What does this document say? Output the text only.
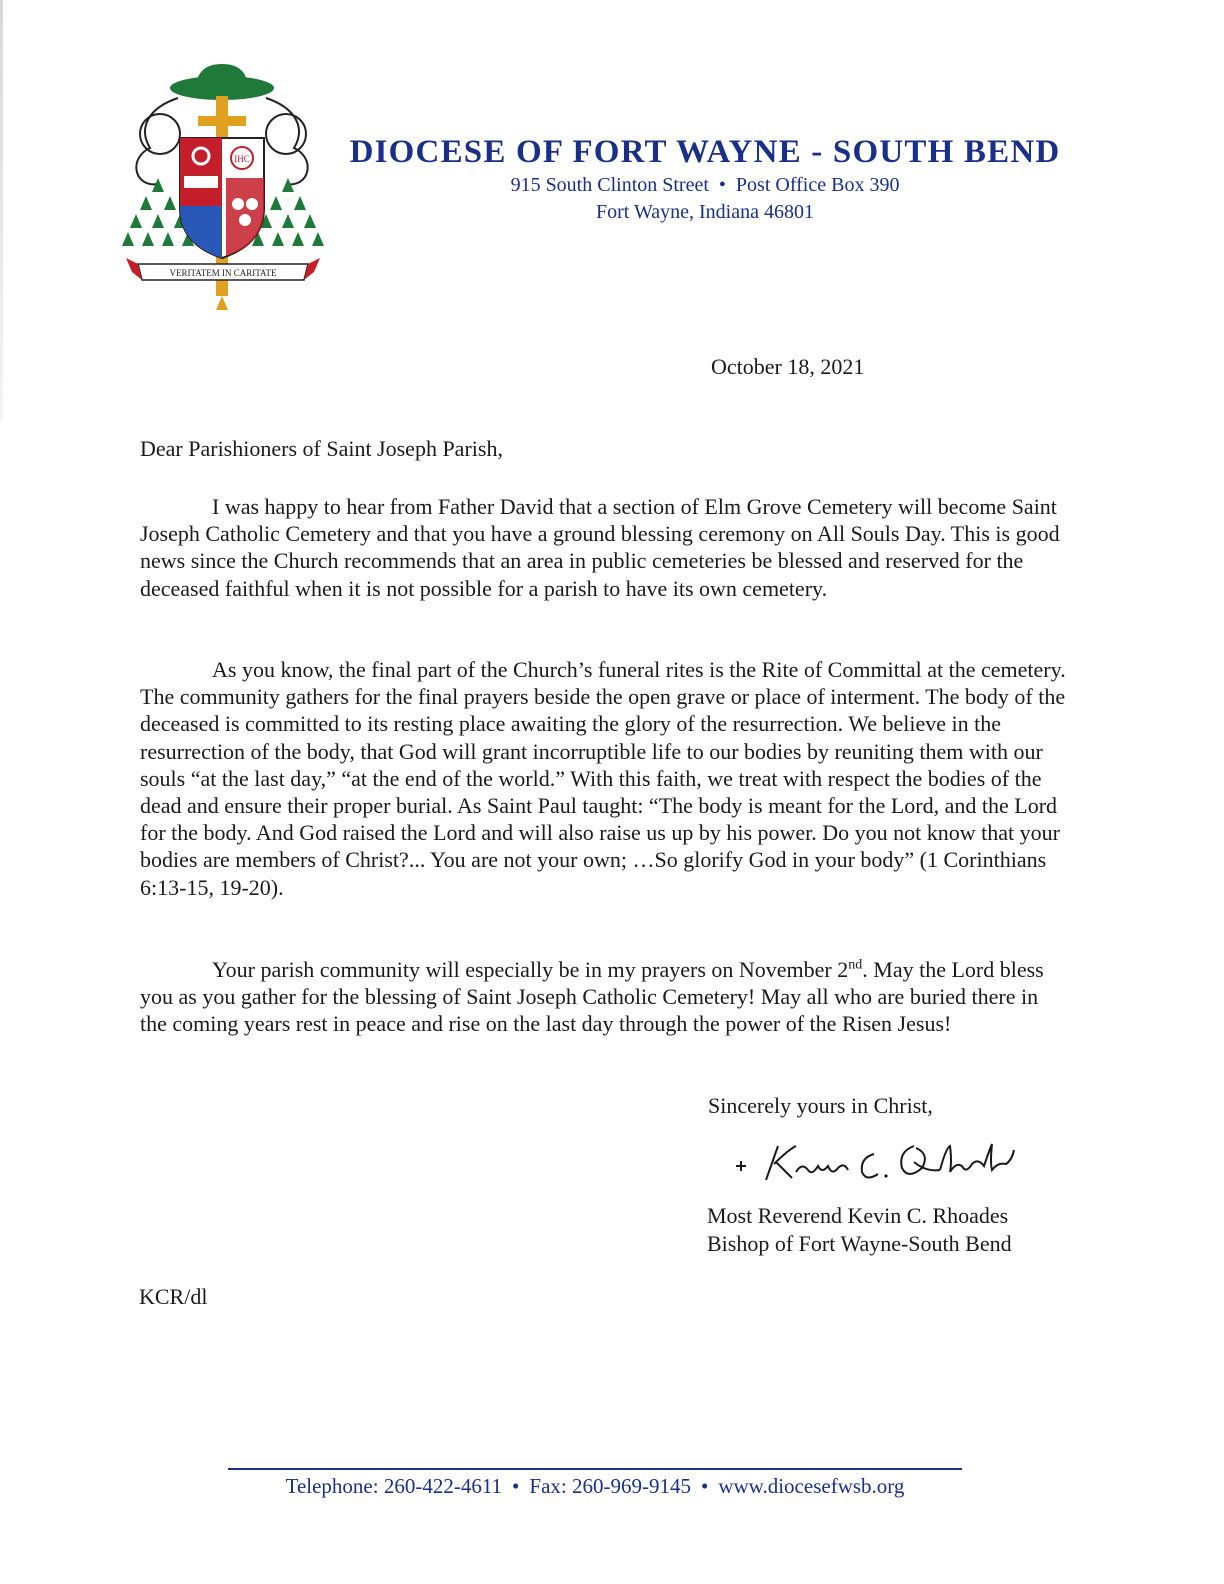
IHC
VERITATEM IN CARITATE
DIOCESE OF FORT WAYNE - SOUTH BEND

915 South Clinton Street • Post Office Box 390

Fort Wayne, Indiana 46801

October 18, 2021
Dear Parishioners of Saint Joseph Parish,

I was happy to hear from Father David that a section of Elm Grove Cemetery will become Saint Joseph Catholic Cemetery and that you have a ground blessing ceremony on All Souls Day. This is good news since the Church recommends that an area in public cemeteries be blessed and reserved for the deceased faithful when it is not possible for a parish to have its own cemetery.

As you know, the final part of the Church’s funeral rites is the Rite of Committal at the cemetery. The community gathers for the final prayers beside the open grave or place of interment. The body of the deceased is committed to its resting place awaiting the glory of the resurrection. We believe in the resurrection of the body, that God will grant incorruptible life to our bodies by reuniting them with our souls “at the last day,” “at the end of the world.” With this faith, we treat with respect the bodies of the dead and ensure their proper burial. As Saint Paul taught: “The body is meant for the Lord, and the Lord for the body. And God raised the Lord and will also raise us up by his power. Do you not know that your bodies are members of Christ?... You are not your own; …So glorify God in your body” (1 Corinthians 6:13-15, 19-20).

Your parish community will especially be in my prayers on November 2nd. May the Lord bless you as you gather for the blessing of Saint Joseph Catholic Cemetery! May all who are buried there in the coming years rest in peace and rise on the last day through the power of the Risen Jesus!

Sincerely yours in Christ,
Most Reverend Kevin C. Rhoades
Bishop of Fort Wayne-South Bend
KCR/dl
Telephone: 260-422-4611 • Fax: 260-969-9145 • www.diocesefwsb.org
